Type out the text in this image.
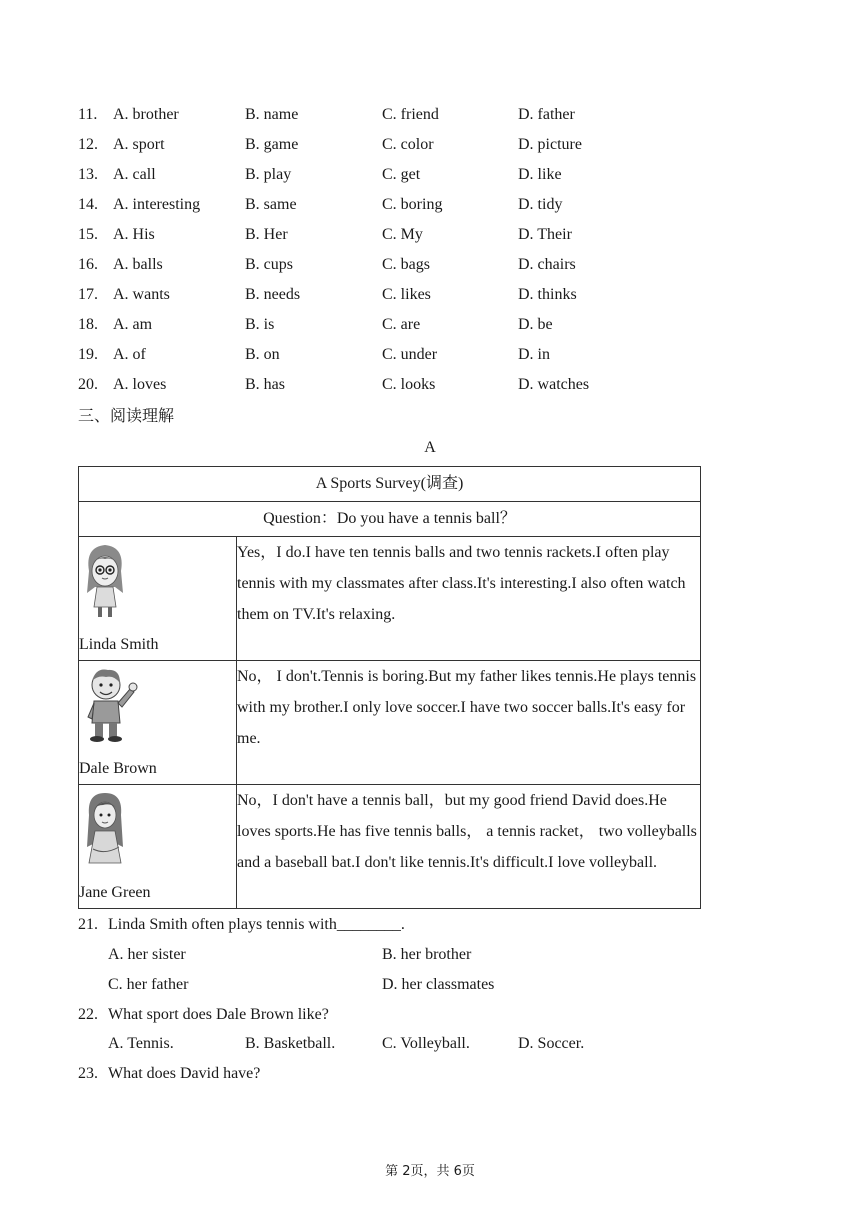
11. A. brother	B. name	C. friend	D. father
12. A. sport	B. game	C. color	D. picture
13. A. call	B. play	C. get	D. like
14. A. interesting	B. same	C. boring	D. tidy
15. A. His	B. Her	C. My	D. Their
16. A. balls	B. cups	C. bags	D. chairs
17. A. wants	B. needs	C. likes	D. thinks
18. A. am	B. is	C. are	D. be
19. A. of	B. on	C. under	D. in
20. A. loves	B. has	C. looks	D. watches
三、阅读理解
A
A Sports Survey(调查)	
Question：Do you have a tennis ball？	

Linda Smith	Yes，I do.I have ten tennis balls and two tennis rackets.I often play tennis with my classmates after class.It's interesting.I also often watch them on TV.It's relaxing.

Dale Brown	No， I don't.Tennis is boring.But my father likes tennis.He plays tennis with my brother.I only love soccer.I have two soccer balls.It's easy for me.

Jane Green	No，I don't have a tennis ball，but my good friend David does.He loves sports.He has five tennis balls， a tennis racket， two volleyballs and a baseball bat.I don't like tennis.It's difficult.I love volleyball.
21. Linda Smith often plays tennis with________.
A. her sister	B. her brother
C. her father	D. her classmates
22. What sport does Dale Brown like?
A. Tennis.	B. Basketball.	C. Volleyball.	D. Soccer.
23. What does David have?
第 2页，共 6页
